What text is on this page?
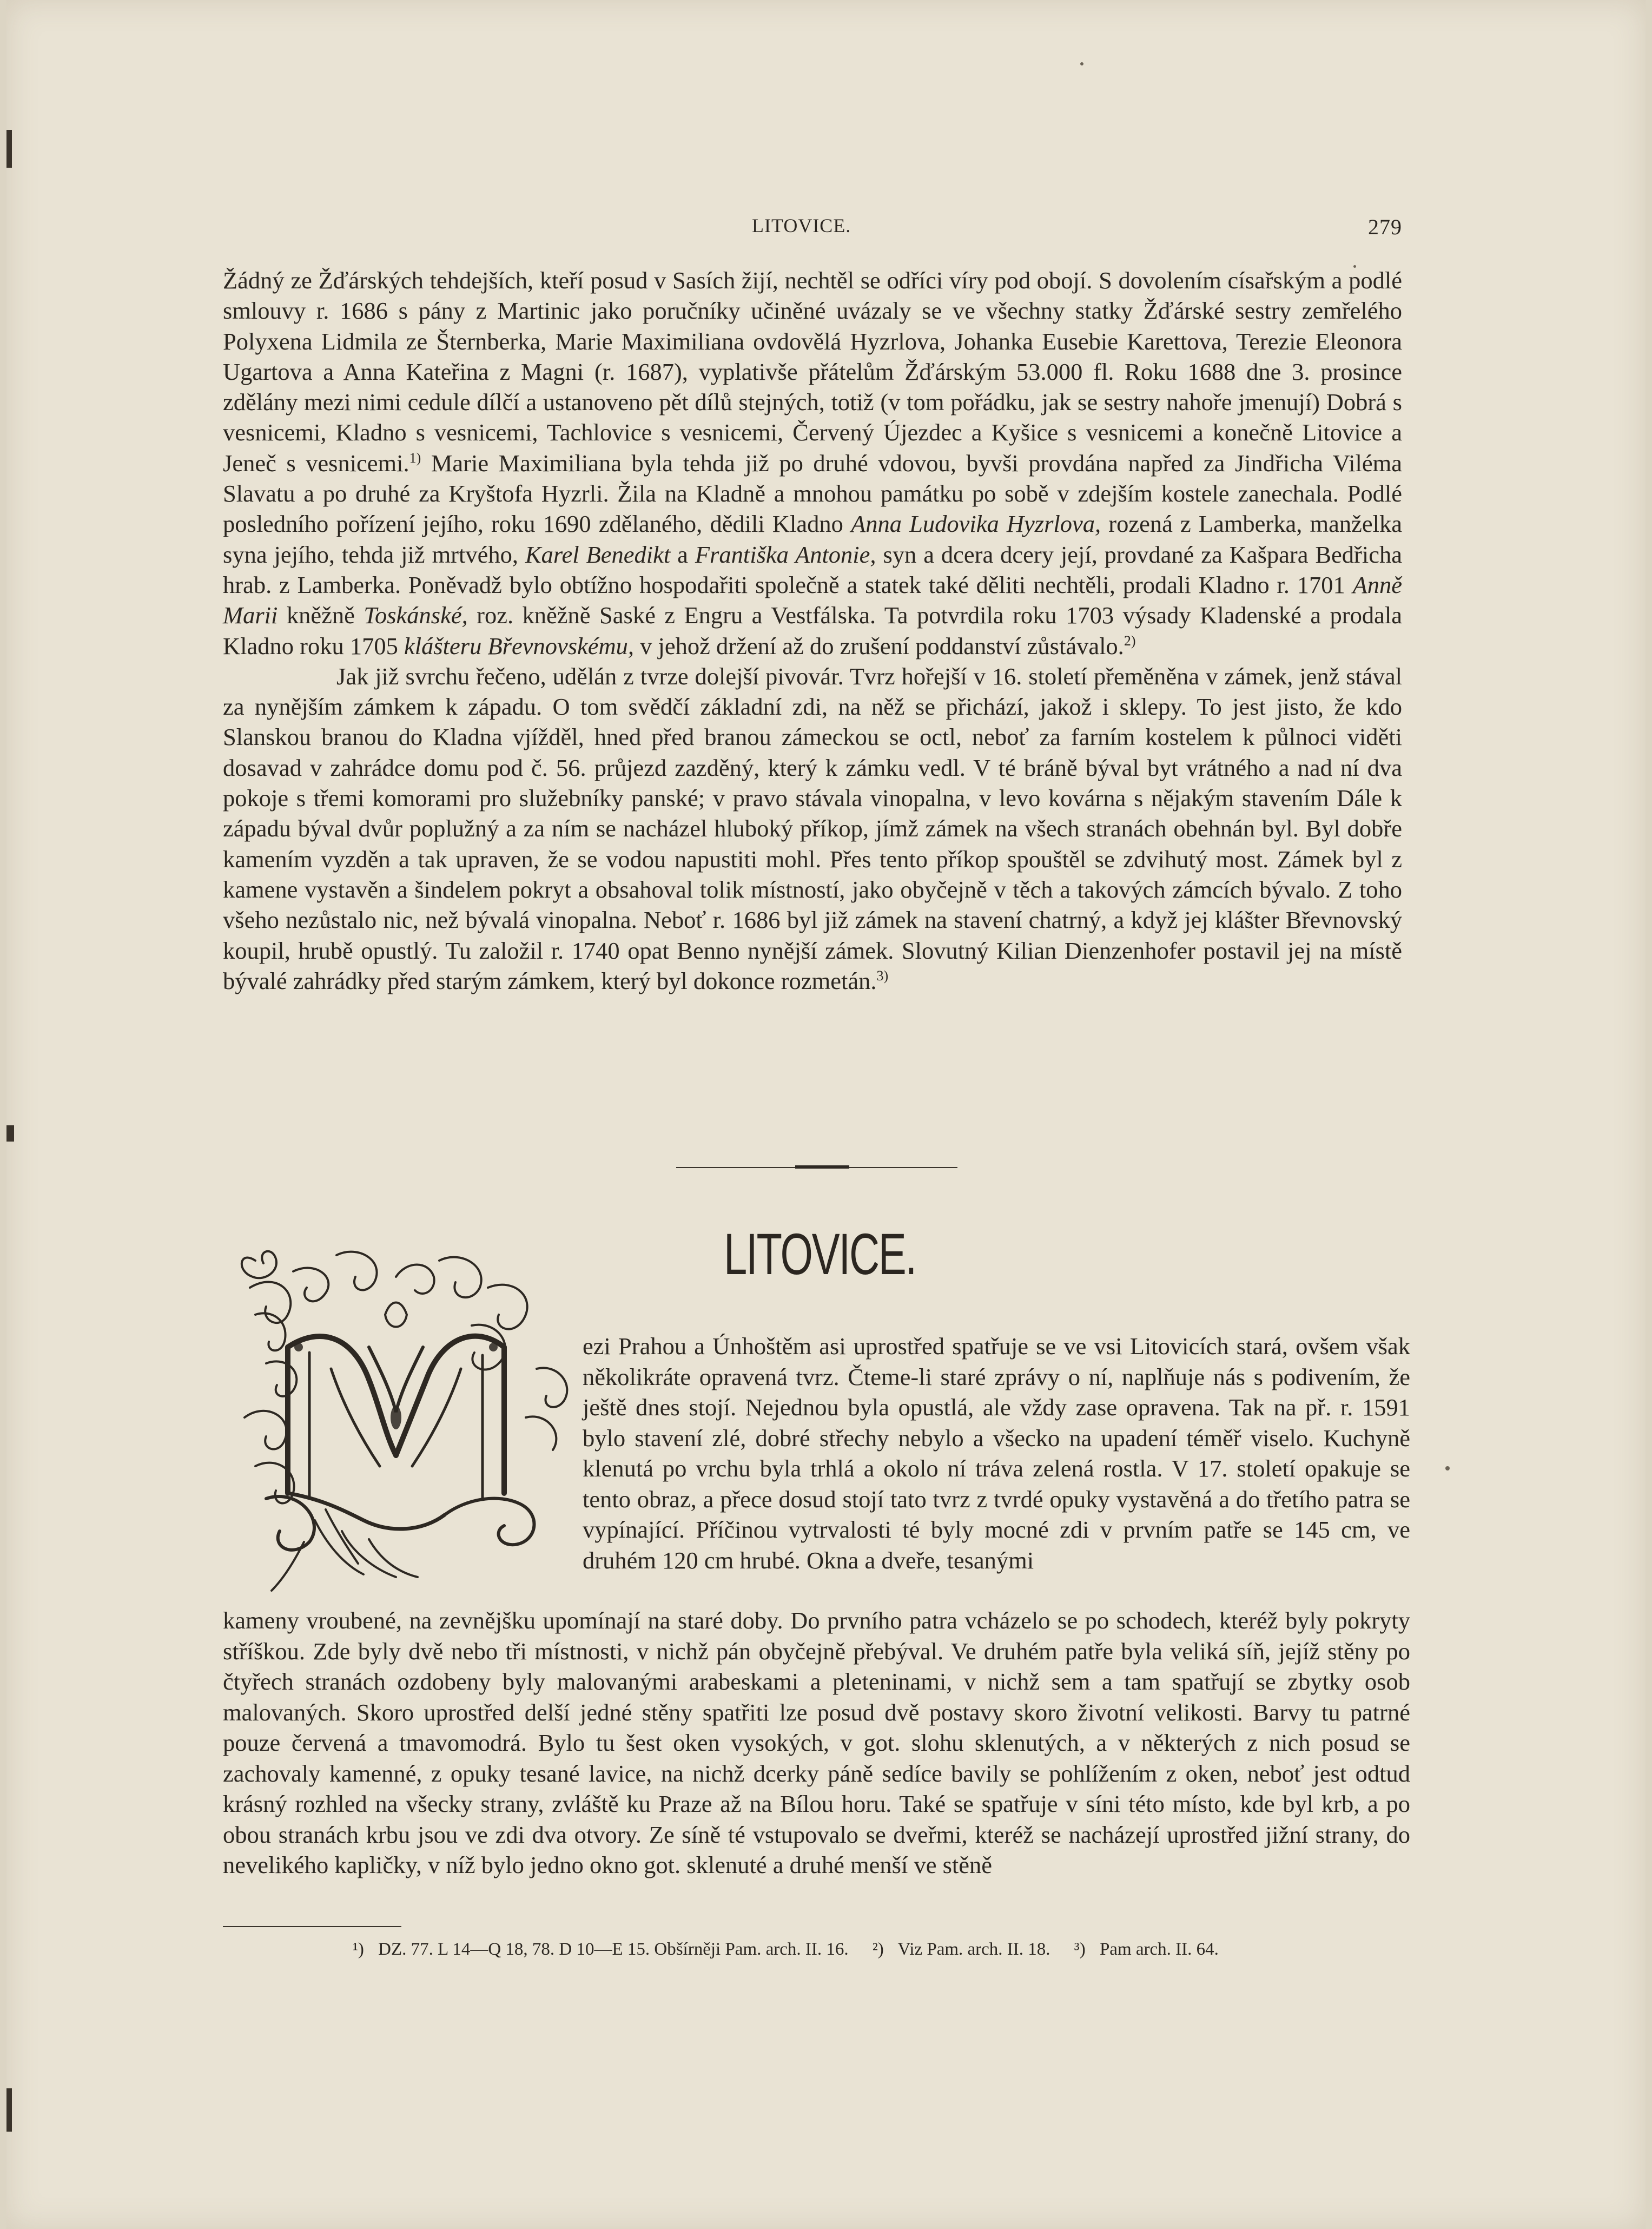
LITOVICE.	279

Žádný ze Žďárských tehdejších, kteří posud v Sasích žijí, nechtěl se odříci víry pod obojí. S dovolením císařským a podlé smlouvy r. 1686 s pány z Martinic jako poručníky učiněné uvázaly se ve všechny statky Žďárské sestry zemřelého Polyxena Lidmila ze Šternberka, Marie Maximiliana ovdovělá Hyzrlova, Johanka Eusebie Karettova, Terezie Eleonora Ugartova a Anna Kateřina z Magni (r. 1687), vyplativše přátelům Žďárským 53.000 fl. Roku 1688 dne 3. prosince zdělány mezi nimi cedule dílčí a ustanoveno pět dílů stejných, totiž (v tom pořádku, jak se sestry nahoře jmenují) Dobrá s vesnicemi, Kladno s vesnicemi, Tachlovice s vesnicemi, Červený Újezdec a Kyšice s vesnicemi a konečně Litovice a Jeneč s vesnicemi.$^{1)}$ Marie Maximiliana byla tehda již po druhé vdovou, byvši provdána napřed za Jindřicha Viléma Slavatu a po druhé za Kryštofa Hyzrli. Žila na Kladně a mnohou památku po sobě v zdejším kostele zanechala. Podlé posledního pořízení jejího, roku 1690 zdělaného, dědili Kladno Anna Ludovika Hyzrlova, rozená z Lamberka, manželka syna jejího, tehda již mrtvého, Karel Benedikt a Františka Antonie, syn a dcera dcery její, provdané za Kašpara Bedřicha hrab. z Lamberka. Poněvadž bylo obtížno hospodařiti společně a statek také děliti nechtěli, prodali Kladno r. 1701 Anně Marii kněžně Toskánské, roz. kněžně Saské z Engru a Vestfálska. Ta potvrdila roku 1703 výsady Kladenské a prodala Kladno roku 1705 klášteru Břevnovskému, v jehož držení až do zrušení poddanství zůstávalo.$^{2)}$

Jak již svrchu řečeno, udělán z tvrze dolejší pivovár. Tvrz hořejší v 16. století přeměněna v zámek, jenž stával za nynějším zámkem k západu. O tom svědčí základní zdi, na něž se přichází, jakož i sklepy. To jest jisto, že kdo Slanskou branou do Kladna vjížděl, hned před branou zámeckou se octl, neboť za farním kostelem k půlnoci viděti dosavad v zahrádce domu pod č. 56. průjezd zazděný, který k zámku vedl. V té bráně býval byt vrátného a nad ní dva pokoje s třemi komorami pro služebníky panské; v pravo stávala vinopalna, v levo kovárna s nějakým stavením Dále k západu býval dvůr poplužný a za ním se nacházel hluboký příkop, jímž zámek na všech stranách obehnán byl. Byl dobře kamením vyzděn a tak upraven, že se vodou napustiti mohl. Přes tento příkop spouštěl se zdvihutý most. Zámek byl z kamene vystavěn a šindelem pokryt a obsahoval tolik místností, jako obyčejně v těch a takových zámcích bývalo. Z toho všeho nezůstalo nic, než bývalá vinopalna. Neboť r. 1686 byl již zámek na stavení chatrný, a když jej klášter Břevnovský koupil, hrubě opustlý. Tu založil r. 1740 opat Benno nynější zámek. Slovutný Kilian Dienzenhofer postavil jej na místě bývalé zahrádky před starým zámkem, který byl dokonce rozmetán.$^{3)}$

LITOVICE.
ezi Prahou a Únhoštěm asi uprostřed spatřuje se ve vsi Litovicích stará, ovšem však několikráte opravená tvrz. Čteme-li staré zprávy o ní, naplňuje nás s podivením, že ještě dnes stojí. Nejednou byla opustlá, ale vždy zase opravena. Tak na př. r. 1591 bylo stavení zlé, dobré střechy nebylo a všecko na upadení téměř viselo. Kuchyně klenutá po vrchu byla trhlá a okolo ní tráva zelená rostla. V 17. století opakuje se tento obraz, a přece dosud stojí tato tvrz z tvrdé opuky vystavěná a do třetího patra se vypínající. Příčinou vytrvalosti té byly mocné zdi v prvním patře se 145 cm, ve druhém 120 cm hrubé. Okna a dveře, tesanými
kameny vroubené, na zevnějšku upomínají na staré doby. Do prvního patra vcházelo se po schodech, kteréž byly pokryty stříškou. Zde byly dvě nebo tři místnosti, v nichž pán obyčejně přebýval. Ve druhém patře byla veliká síň, jejíž stěny po čtyřech stranách ozdobeny byly malovanými arabeskami a pleteninami, v nichž sem a tam spatřují se zbytky osob malovaných. Skoro uprostřed delší jedné stěny spatřiti lze posud dvě postavy skoro životní velikosti. Barvy tu patrné pouze červená a tmavomodrá. Bylo tu šest oken vysokých, v got. slohu sklenutých, a v některých z nich posud se zachovaly kamenné, z opuky tesané lavice, na nichž dcerky páně sedíce bavily se pohlížením z oken, neboť jest odtud krásný rozhled na všecky strany, zvláště ku Praze až na Bílou horu. Také se spatřuje v síni této místo, kde byl krb, a po obou stranách krbu jsou ve zdi dva otvory. Ze síně té vstupovalo se dveřmi, kteréž se nacházejí uprostřed jižní strany, do nevelikého kapličky, v níž bylo jedno okno got. sklenuté a druhé menší ve stěně
¹) DZ. 77. L 14—Q 18, 78. D 10—E 15. Obšírněji Pam. arch. II. 16. ²) Viz Pam. arch. II. 18. ³) Pam arch. II. 64.
